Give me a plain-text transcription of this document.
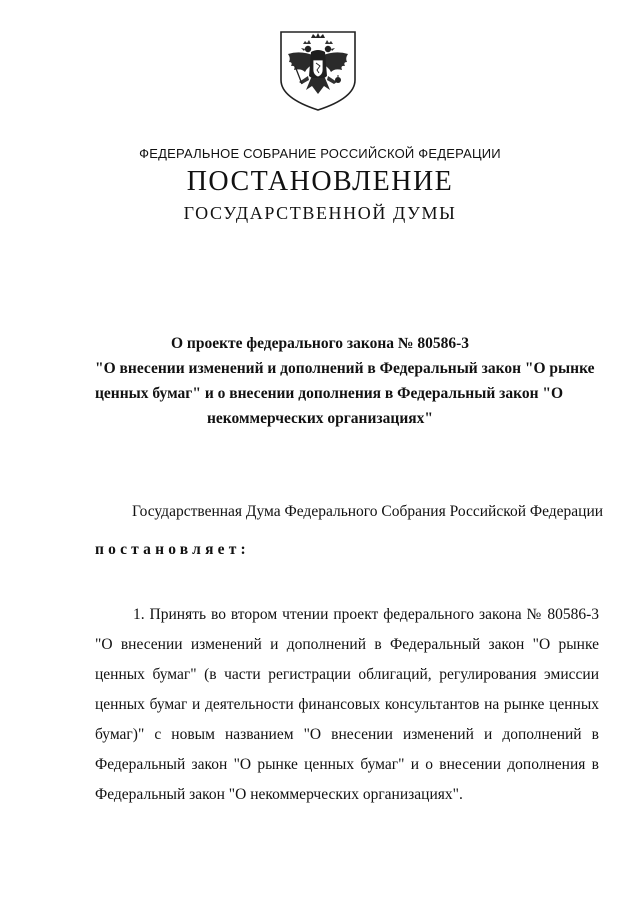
ФЕДЕРАЛЬНОЕ СОБРАНИЕ РОССИЙСКОЙ ФЕДЕРАЦИИ
ПОСТАНОВЛЕНИЕ
ГОСУДАРСТВЕННОЙ ДУМЫ
О проекте федерального закона № 80586-3
"О внесении изменений и дополнений в Федеральный закон "О рынке
ценных бумаг" и о внесении дополнения в Федеральный закон "О
некоммерческих организациях"
Государственная Дума Федерального Собрания Российской Федерации
постановляет:
1. Принять во втором чтении проект федерального закона № 80586-3
"О внесении изменений и дополнений в Федеральный закон "О рынке
ценных бумаг" (в части регистрации облигаций, регулирования эмиссии
ценных бумаг и деятельности финансовых консультантов на рынке ценных
бумаг)" с новым названием "О внесении изменений и дополнений в
Федеральный закон "О рынке ценных бумаг" и о внесении дополнения в
Федеральный закон "О некоммерческих организациях".
